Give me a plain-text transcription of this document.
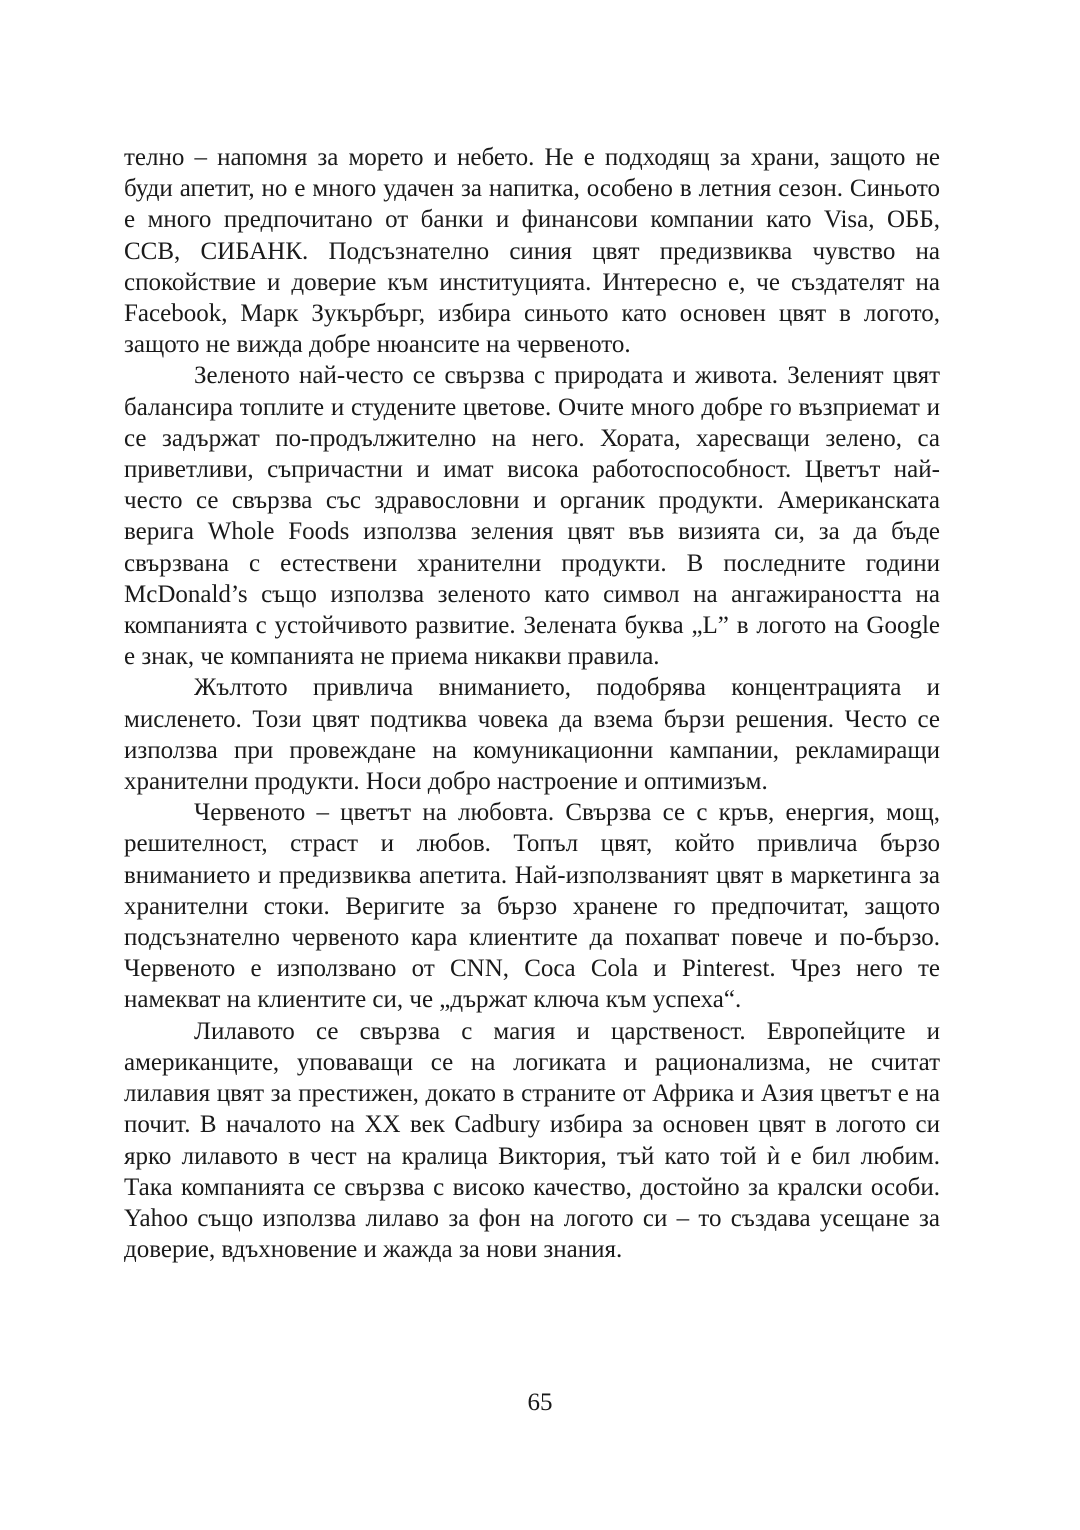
телно – напомня за морето и небето. Не е подходящ за храни, защото не буди апетит, но е много удачен за напитка, особено в летния сезон. Синьото е много предпочитано от банки и финансови компании като Visa, ОББ, ССВ, СИБАНК. Подсъзнателно синия цвят предизвиква чувство на спокойствие и доверие към институцията. Интересно е, че създателят на Facebook, Марк Зукърбърг, избира синьото като основен цвят в логото, защото не вижда добре нюансите на червеното.

Зеленото най-често се свързва с природата и живота. Зеленият цвят балансира топлите и студените цветове. Очите много добре го възприемат и се задържат по-продължително на него. Хората, харесващи зелено, са приветливи, съпричастни и имат висока работоспособност. Цветът най-често се свързва със здравословни и органик продукти. Американската верига Whole Foods използва зеления цвят във визията си, за да бъде свързвана с естествени хранителни продукти. В последните години McDonald’s също използва зеленото като символ на ангажираността на компанията с устойчивото развитие. Зелената буква „L” в логото на Google е знак, че компанията не приема никакви правила.

Жълтото привлича вниманието, подобрява концентрацията и мисленето. Този цвят подтиква човека да взема бързи решения. Често се използва при провеждане на комуникационни кампании, рекламиращи хранителни продукти. Носи добро настроение и оптимизъм.

Червеното – цветът на любовта. Свързва се с кръв, енергия, мощ, решителност, страст и любов. Топъл цвят, който привлича бързо вниманието и предизвиква апетита. Най-използваният цвят в маркетинга за хранителни стоки. Веригите за бързо хранене го предпочитат, защото подсъзнателно червеното кара клиентите да похапват повече и по-бързо. Червеното е използвано от CNN, Coca Cola и Pinterest. Чрез него те намекват на клиентите си, че „държат ключа към успеха“.

Лилавото се свързва с магия и царственост. Европейците и американците, уповаващи се на логиката и рационализма, не считат лилавия цвят за престижен, докато в страните от Африка и Азия цветът е на почит. В началото на XX век Cadbury избира за основен цвят в логото си ярко лилавото в чест на кралица Виктория, тъй като той ѝ е бил любим. Така компанията се свързва с високо качество, достойно за кралски особи. Yahoo също използва лилаво за фон на логото си – то създава усещане за доверие, вдъхновение и жажда за нови знания.

65
